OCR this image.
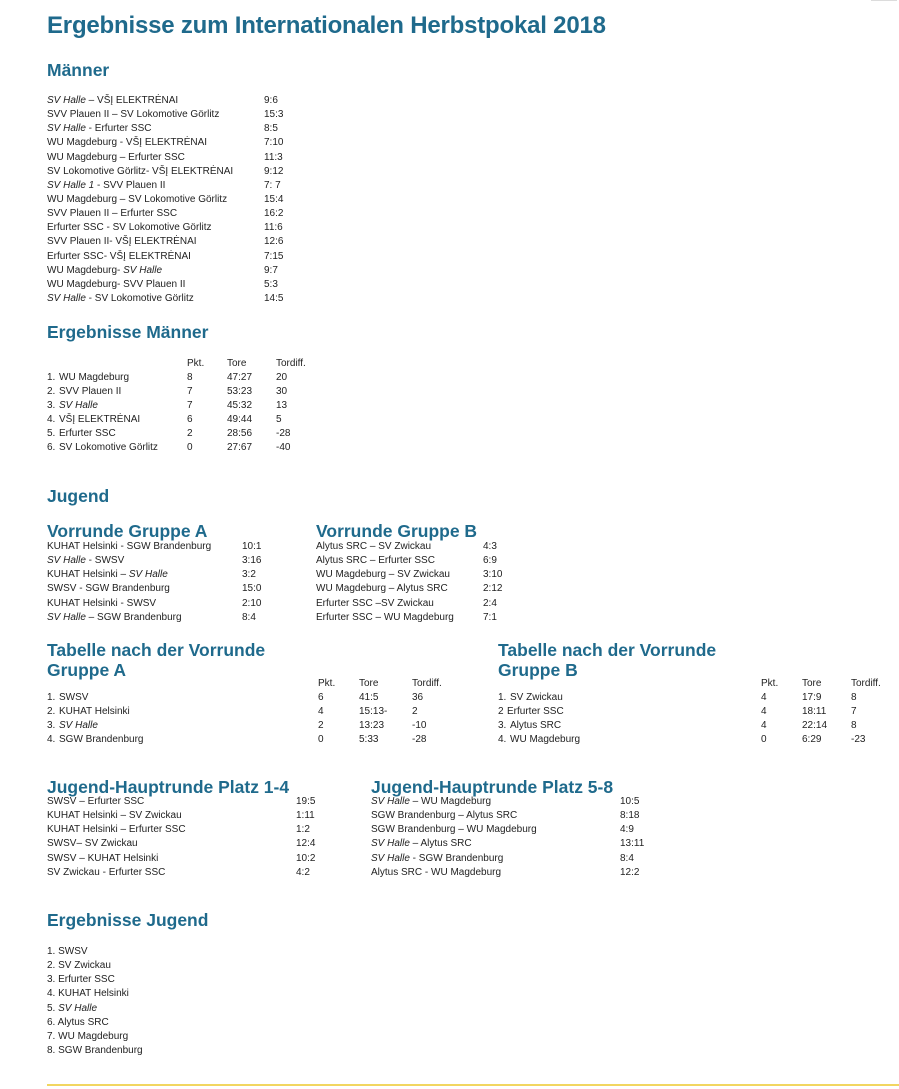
Ergebnisse zum Internationalen Herbstpokal 2018
Männer
SV Halle – VŠĮ ELEKTRĖNAI	9:6
SVV Plauen II – SV Lokomotive Görlitz	15:3
SV Halle - Erfurter SSC	8:5
WU Magdeburg - VŠĮ ELEKTRĖNAI	7:10
WU Magdeburg – Erfurter SSC	11:3
SV Lokomotive Görlitz- VŠĮ ELEKTRĖNAI	9:12
SV Halle 1 - SVV Plauen II	7: 7
WU Magdeburg – SV Lokomotive Görlitz	15:4
SVV Plauen II – Erfurter SSC	16:2
Erfurter SSC - SV Lokomotive Görlitz	11:6
SVV Plauen II- VŠĮ ELEKTRĖNAI	12:6
Erfurter SSC- VŠĮ ELEKTRĖNAI	7:15
WU Magdeburg- SV Halle	9:7
WU Magdeburg- SVV Plauen II	5:3
SV Halle - SV Lokomotive Görlitz	14:5
Ergebnisse Männer
Pkt. Tore	Tordiff.
1. WU Magdeburg	8	47:27 20
2. SVV Plauen II	7	53:23 30
3. SV Halle	7	45:32 13
4. VŠĮ ELEKTRĖNAI	6	49:44 5
5. Erfurter SSC	2	28:56 -28
6. SV Lokomotive Görlitz	0	27:67 -40
Jugend
Vorrunde Gruppe A
KUHAT Helsinki - SGW Brandenburg	10:1
SV Halle - SWSV	3:16
KUHAT Helsinki – SV Halle	3:2
SWSV - SGW Brandenburg	15:0
KUHAT Helsinki - SWSV	2:10
SV Halle – SGW Brandenburg	8:4
Vorrunde Gruppe B
Alytus SRC – SV Zwickau	4:3
Alytus SRC – Erfurter SSC	6:9
WU Magdeburg – SV Zwickau	3:10
WU Magdeburg – Alytus SRC	2:12
Erfurter SSC –SV Zwickau	2:4
Erfurter SSC – WU Magdeburg	7:1
Tabelle nach der Vorrunde
Gruppe A
Pkt. Tore	Tordiff.
1. SWSV	6	41:5	36
2. KUHAT Helsinki	4	15:13- 2
3. SV Halle	2	13:23	-10
4. SGW Brandenburg	0	5:33	-28
Tabelle nach der Vorrunde
Gruppe B
Pkt. Tore	Tordiff.
1. SV Zwickau	4	17:9	8
2 Erfurter SSC	4	18:11 7
3. Alytus SRC	4	22:14 8
4. WU Magdeburg	0	6:29	-23
Jugend-Hauptrunde Platz 1-4
SWSV – Erfurter SSC	19:5
KUHAT Helsinki – SV Zwickau	1:11
KUHAT Helsinki – Erfurter SSC	1:2
SWSV– SV Zwickau	12:4
SWSV – KUHAT Helsinki	10:2
SV Zwickau - Erfurter SSC	4:2
Jugend-Hauptrunde Platz 5-8
SV Halle – WU Magdeburg	10:5
SGW Brandenburg – Alytus SRC	8:18
SGW Brandenburg – WU Magdeburg	4:9
SV Halle – Alytus SRC	13:11
SV Halle - SGW Brandenburg	8:4
Alytus SRC - WU Magdeburg	12:2
Ergebnisse Jugend
1. SWSV
2. SV Zwickau
3. Erfurter SSC
4. KUHAT Helsinki
5. SV Halle
6. Alytus SRC
7. WU Magdeburg
8. SGW Brandenburg
